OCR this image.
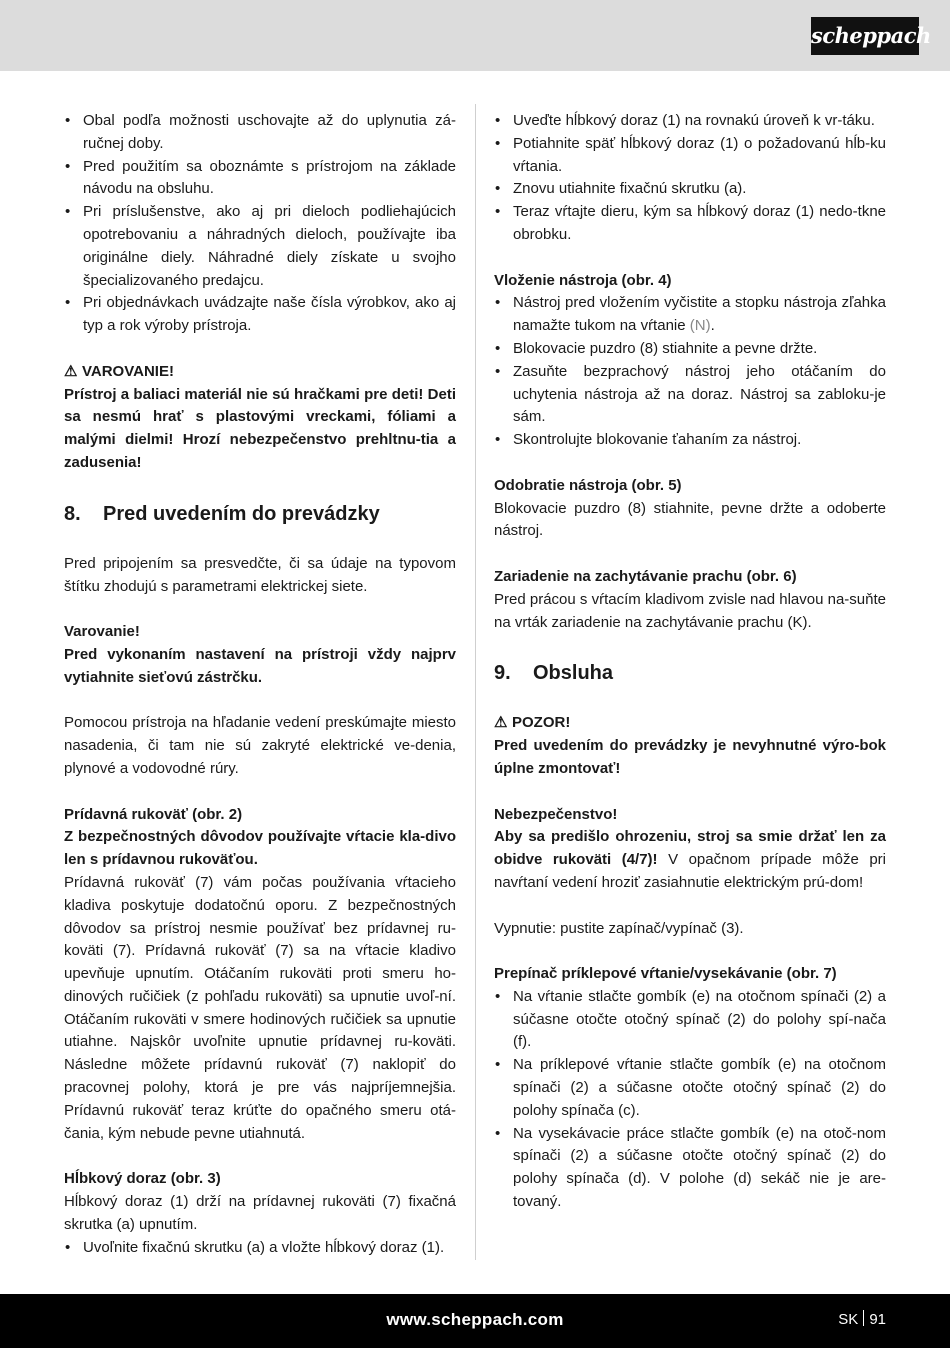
scheppach
• Obal podľa možnosti uschovajte až do uplynutia zá-ručnej doby.
• Pred použitím sa oboznámte s prístrojom na základe návodu na obsluhu.
• Pri príslušenstve, ako aj pri dieloch podliehajúcich opotrebovaniu a náhradných dieloch, používajte iba originálne diely. Náhradné diely získate u svojho špecializovaného predajcu.
• Pri objednávkach uvádzajte naše čísla výrobkov, ako aj typ a rok výroby prístroja.

⚠ VAROVANIE!

Prístroj a baliaci materiál nie sú hračkami pre deti! Deti sa nesmú hrať s plastovými vreckami, fóliami a malými dielmi! Hrozí nebezpečenstvo prehltnu-tia a zadusenia!

8. Pred uvedením do prevádzky

Pred pripojením sa presvedčte, či sa údaje na typovom štítku zhodujú s parametrami elektrickej siete.

Varovanie!

Pred vykonaním nastavení na prístroji vždy najprv vytiahnite sieťovú zástrčku.

Pomocou prístroja na hľadanie vedení preskúmajte miesto nasadenia, či tam nie sú zakryté elektrické ve-denia, plynové a vodovodné rúry.

Prídavná rukoväť (obr. 2)

Z bezpečnostných dôvodov používajte vŕtacie kla-divo len s prídavnou rukoväťou.

Prídavná rukoväť (7) vám počas používania vŕtacieho kladiva poskytuje dodatočnú oporu. Z bezpečnostných dôvodov sa prístroj nesmie používať bez prídavnej ru-koväti (7). Prídavná rukoväť (7) sa na vŕtacie kladivo upevňuje upnutím. Otáčaním rukoväti proti smeru ho-dinových ručičiek (z pohľadu rukoväti) sa upnutie uvoľ-ní. Otáčaním rukoväti v smere hodinových ručičiek sa upnutie utiahne. Najskôr uvoľnite upnutie prídavnej ru-koväti. Následne môžete prídavnú rukoväť (7) naklopiť do pracovnej polohy, ktorá je pre vás najpríjemnejšia. Prídavnú rukoväť teraz krúťte do opačného smeru otá-čania, kým nebude pevne utiahnutá.

Hĺbkový doraz (obr. 3)

Hĺbkový doraz (1) drží na prídavnej rukoväti (7) fixačná skrutka (a) upnutím.

• Uvoľnite fixačnú skrutku (a) a vložte hĺbkový doraz (1).
• Uveďte hĺbkový doraz (1) na rovnakú úroveň k vr-táku.
• Potiahnite späť hĺbkový doraz (1) o požadovanú hĺb-ku vŕtania.
• Znovu utiahnite fixačnú skrutku (a).
• Teraz vŕtajte dieru, kým sa hĺbkový doraz (1) nedo-tkne obrobku.

Vloženie nástroja (obr. 4)

• Nástroj pred vložením vyčistite a stopku nástroja zľahka namažte tukom na vŕtanie (N).
• Blokovacie puzdro (8) stiahnite a pevne držte.
• Zasuňte bezprachový nástroj jeho otáčaním do uchytenia nástroja až na doraz. Nástroj sa zabloku-je sám.
• Skontrolujte blokovanie ťahaním za nástroj.

Odobratie nástroja (obr. 5)

Blokovacie puzdro (8) stiahnite, pevne držte a odoberte nástroj.

Zariadenie na zachytávanie prachu (obr. 6)

Pred prácou s vŕtacím kladivom zvisle nad hlavou na-suňte na vrták zariadenie na zachytávanie prachu (K).

9. Obsluha

⚠ POZOR!

Pred uvedením do prevádzky je nevyhnutné výro-bok úplne zmontovať!

Nebezpečenstvo!

Aby sa predišlo ohrozeniu, stroj sa smie držať len za obidve rukoväti (4/7)! V opačnom prípade môže pri navŕtaní vedení hroziť zasiahnutie elektrickým prú-dom!

Vypnutie: pustite zapínač/vypínač (3).

Prepínač príklepové vŕtanie/vysekávanie (obr. 7)

• Na vŕtanie stlačte gombík (e) na otočnom spínači (2) a súčasne otočte otočný spínač (2) do polohy spí-nača (f).
• Na príklepové vŕtanie stlačte gombík (e) na otočnom spínači (2) a súčasne otočte otočný spínač (2) do polohy spínača (c).
• Na vysekávacie práce stlačte gombík (e) na otoč-nom spínači (2) a súčasne otočte otočný spínač (2) do polohy spínača (d). V polohe (d) sekáč nie je are-tovaný.
www.scheppach.com	SK 91
